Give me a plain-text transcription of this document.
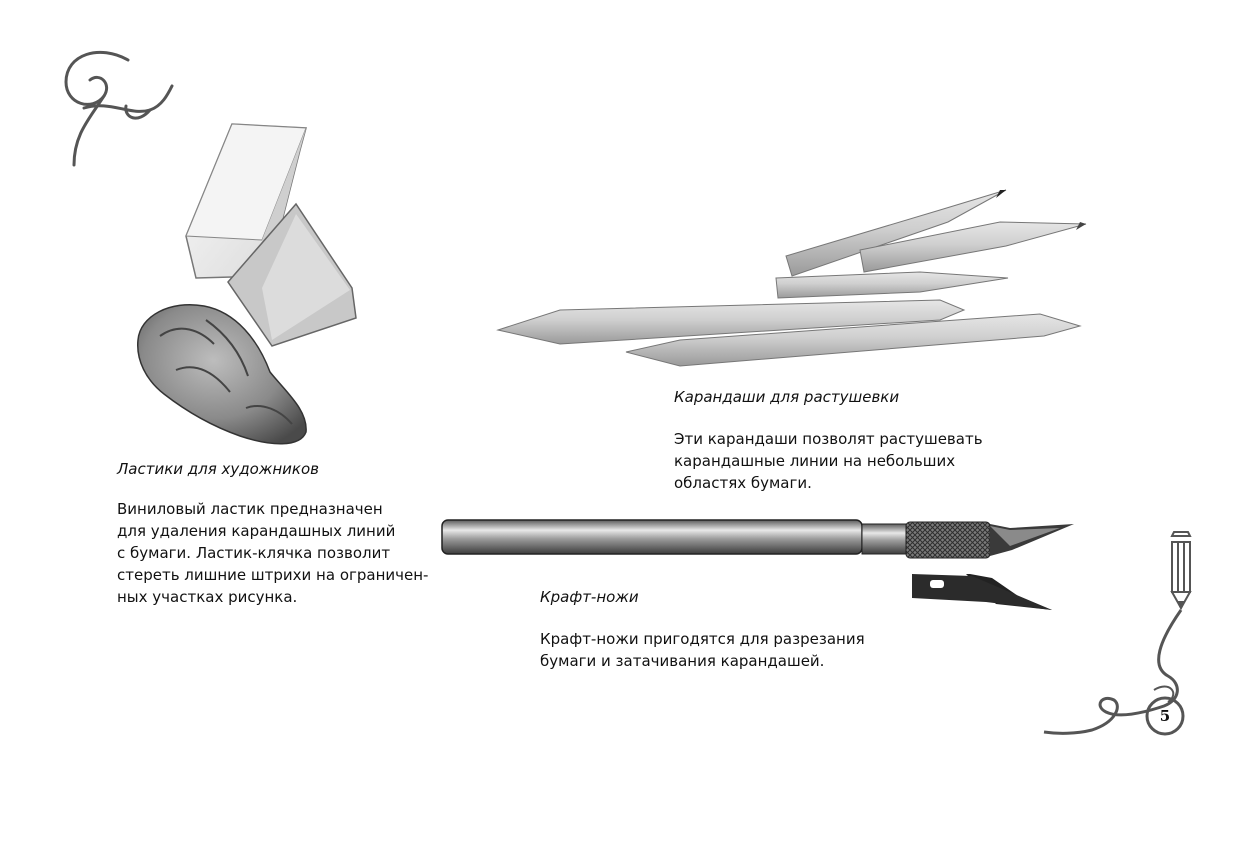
Ластики для художников
Виниловый ластик предназначен
для удаления карандашных линий
с бумаги. Ластик-клячка позволит
стереть лишние штрихи на ограничен-
ных участках рисунка.
Карандаши для растушевки
Эти карандаши позволят растушевать
карандашные линии на небольших
областях бумаги.
Крафт-ножи
Крафт-ножи пригодятся для разрезания
бумаги и затачивания карандашей.
5
